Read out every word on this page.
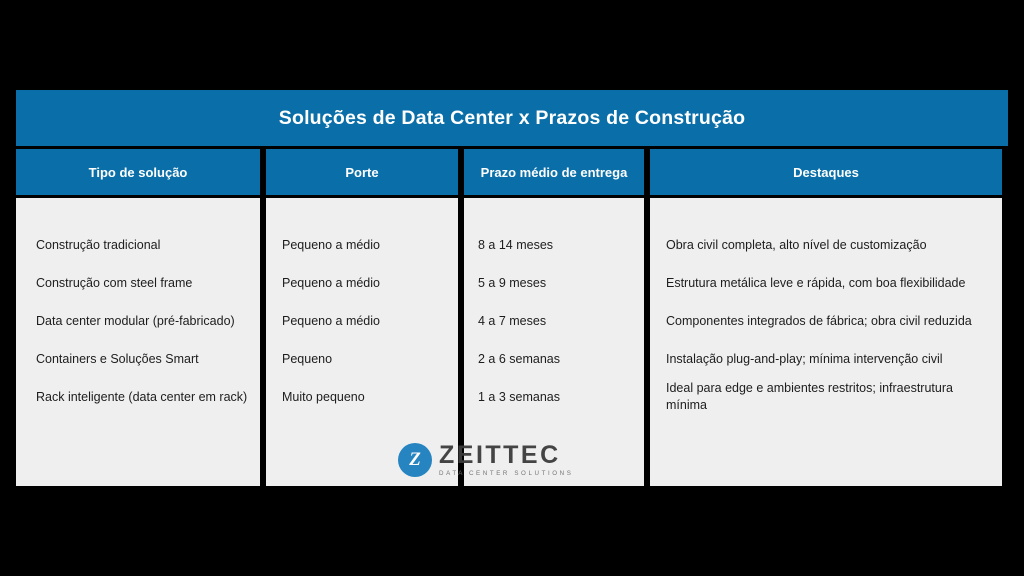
Soluções de Data Center x Prazos de Construção
Tipo de solução
Construção tradicional
Construção com steel frame
Data center modular (pré-fabricado)
Containers e Soluções Smart
Rack inteligente (data center em rack)
Porte
Pequeno a médio
Pequeno a médio
Pequeno a médio
Pequeno
Muito pequeno
Prazo médio de entrega
8 a 14 meses
5 a 9 meses
4 a 7 meses
2 a 6 semanas
1 a 3 semanas
Destaques
Obra civil completa, alto nível de customização
Estrutura metálica leve e rápida, com boa flexibilidade
Componentes integrados de fábrica; obra civil reduzida
Instalação plug-and-play; mínima intervenção civil
Ideal para edge e ambientes restritos; infraestrutura mínima
Z ZEITTEC
DATA CENTER SOLUTIONS
